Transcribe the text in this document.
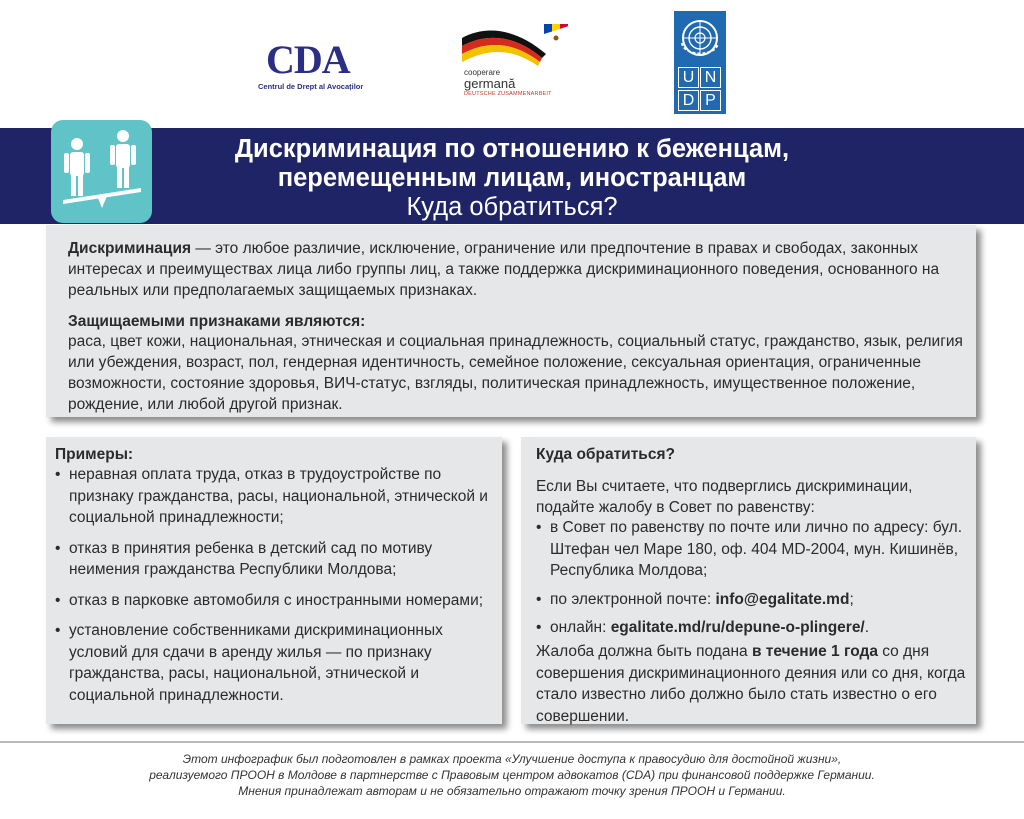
CDA
Centrul de Drept al Avocaților
cooperare
germană
DEUTSCHE ZUSAMMENARBEIT
U N D P
Дискриминация по отношению к беженцам,
перемещенным лицам, иностранцам
Куда обратиться?

Дискриминация — это любое различие, исключение, ограничение или предпочтение в правах и свободах, законных интересах и преимуществах лица либо группы лиц, а также поддержка дискриминационного поведения, основанного на реальных или предполагаемых защищаемых признаках.

Защищаемыми признаками являются:

раса, цвет кожи, национальная, этническая и социальная принадлежность, социальный статус, гражданство, язык, религия или убеждения, возраст, пол, гендерная идентичность, семейное положение, сексуальная ориентация, ограниченные возможности, состояние здоровья, ВИЧ-статус, взгляды, политическая принадлежность, имущественное положение, рождение, или любой другой признак.

Примеры:

• неравная оплата труда, отказ в трудоустройстве по признаку гражданства, расы, национальной, этнической и социальной принадлежности;
• отказ в принятия ребенка в детский сад по мотиву неимения гражданства Республики Молдова;
• отказ в парковке автомобиля с иностранными номерами;
• установление собственниками дискриминационных условий для сдачи в аренду жилья — по признаку гражданства, расы, национальной, этнической и социальной принадлежности.

Куда обратиться?

Если Вы считаете, что подверглись дискриминации, подайте жалобу в Совет по равенству:

• в Совет по равенству по почте или лично по адресу: бул. Штефан чел Маре 180, оф. 404 MD-2004, мун. Кишинёв, Республика Молдова;
• по электронной почте: info@egalitate.md;
• онлайн: egalitate.md/ru/depune-o-plingere/.

Жалоба должна быть подана в течение 1 года со дня совершения дискриминационного деяния или со дня, когда стало известно либо должно было стать известно о его совершении.

Этот инфографик был подготовлен в рамках проекта «Улучшение доступа к правосудию для достойной жизни»,
реализуемого ПРООН в Молдове в партнерстве с Правовым центром адвокатов (CDA) при финансовой поддержке Германии.
Мнения принадлежат авторам и не обязательно отражают точку зрения ПРООН и Германии.
